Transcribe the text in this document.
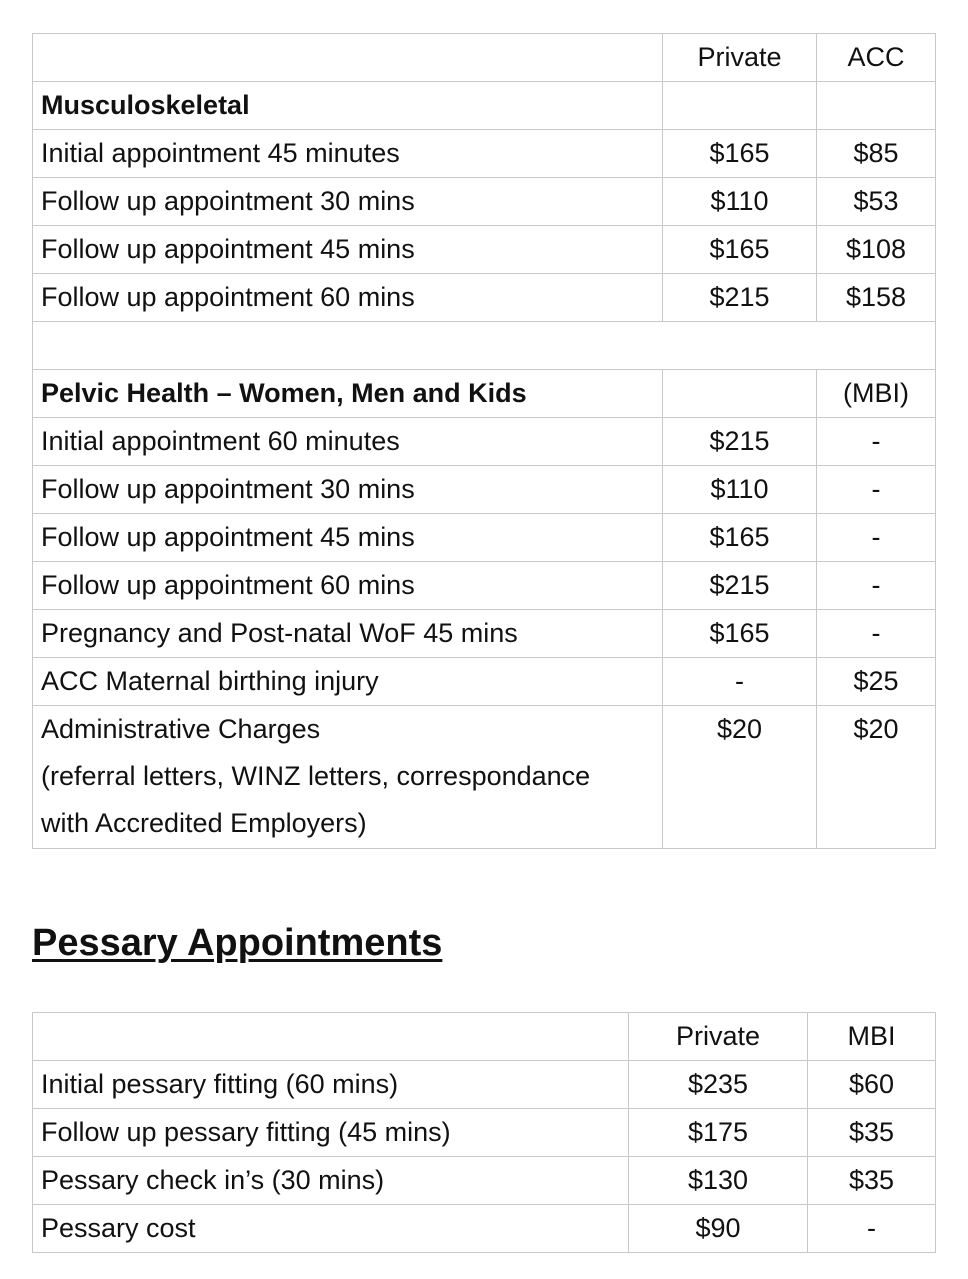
	Private	ACC
Musculoskeletal		
Initial appointment 45 minutes	$165	$85
Follow up appointment 30 mins	$110	$53
Follow up appointment 45 mins	$165	$108
Follow up appointment 60 mins	$215	$158

Pelvic Health – Women, Men and Kids		(MBI)
Initial appointment 60 minutes	$215	-
Follow up appointment 30 mins	$110	-
Follow up appointment 45 mins	$165	-
Follow up appointment 60 mins	$215	-
Pregnancy and Post-natal WoF 45 mins	$165	-
ACC Maternal birthing injury	-	$25

Administrative Charges
(referral letters, WINZ letters, correspondance
with Accredited Employers)	$20	$20
Pessary Appointments
	Private	MBI
Initial pessary fitting (60 mins)	$235	$60
Follow up pessary fitting (45 mins)	$175	$35
Pessary check in’s (30 mins)	$130	$35
Pessary cost	$90	-
